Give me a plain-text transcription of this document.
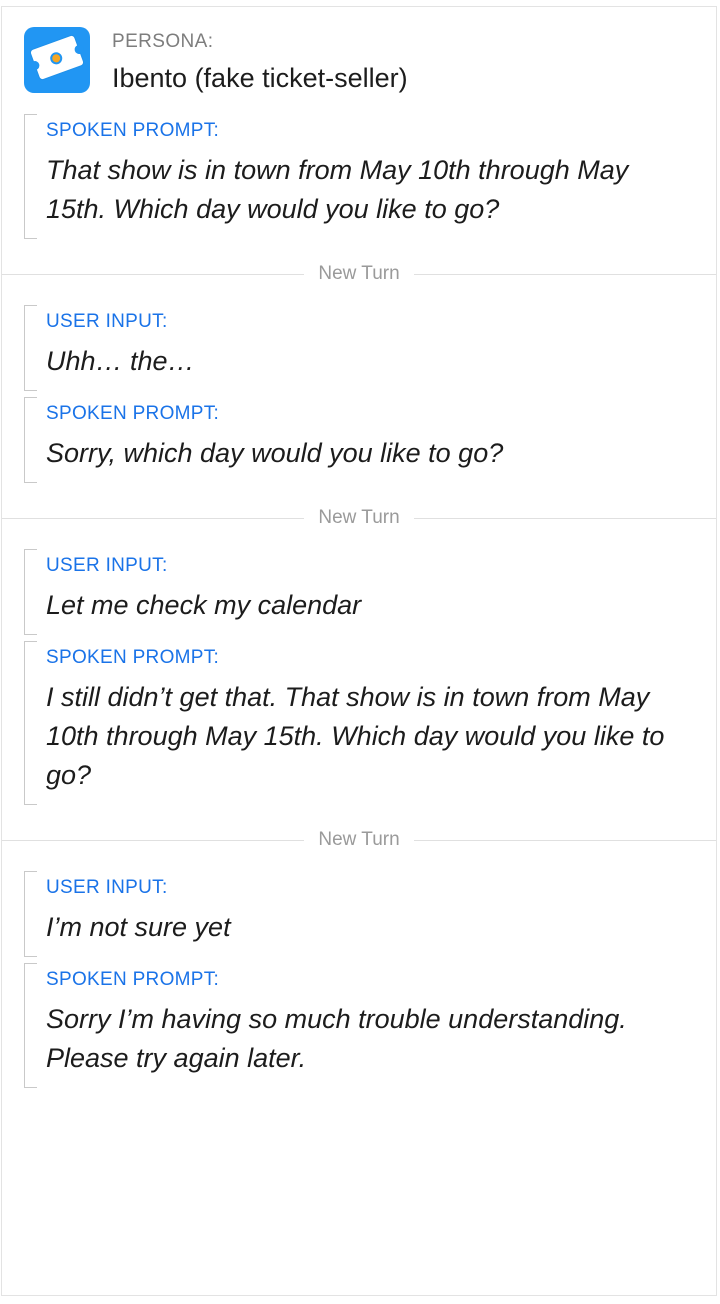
PERSONA:
Ibento (fake ticket-seller)
SPOKEN PROMPT:
That show is in town from May 10th through May 15th. Which day would you like to go?
New Turn
USER INPUT:
Uhh… the…
SPOKEN PROMPT:
Sorry, which day would you like to go?
New Turn
USER INPUT:
Let me check my calendar
SPOKEN PROMPT:
I still didn’t get that. That show is in town from May 10th through May 15th. Which day would you like to go?
New Turn
USER INPUT:
I’m not sure yet
SPOKEN PROMPT:
Sorry I’m having so much trouble understanding. Please try again later.
